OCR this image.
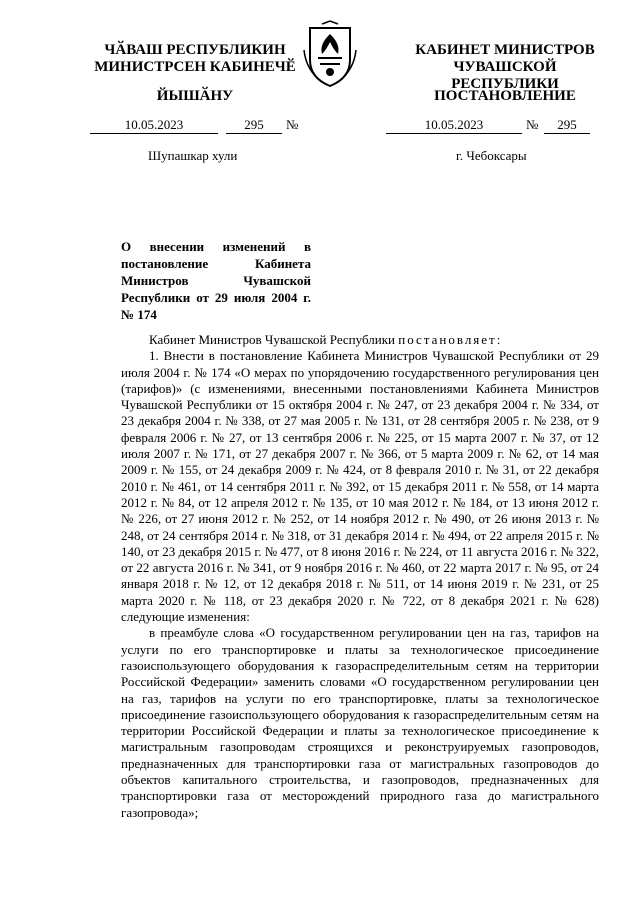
ЧӐВАШ РЕСПУБЛИКИН
МИНИСТРСЕН КАБИНЕЧӖ
ЙЫШӐНУ
КАБИНЕТ МИНИСТРОВ
ЧУВАШСКОЙ РЕСПУБЛИКИ
ПОСТАНОВЛЕНИЕ
10.05.2023	295	№	10.05.2023	№	295
Шупашкар хули	г. Чебоксары
О внесении изменений в постановление Кабинета Министров Чувашской Республики от 29 июля 2004 г. № 174

Кабинет Министров Чувашской Республики постановляет:

1. Внести в постановление Кабинета Министров Чувашской Республики от 29 июля 2004 г. № 174 «О мерах по упорядочению государственного регулирования цен (тарифов)» (с изменениями, внесенными постановлениями Кабинета Министров Чувашской Республики от 15 октября 2004 г. № 247, от 23 декабря 2004 г. № 334, от 23 декабря 2004 г. № 338, от 27 мая 2005 г. № 131, от 28 сентября 2005 г. № 238, от 9 февраля 2006 г. № 27, от 13 сентября 2006 г. № 225, от 15 марта 2007 г. № 37, от 12 июля 2007 г. № 171, от 27 декабря 2007 г. № 366, от 5 марта 2009 г. № 62, от 14 мая 2009 г. № 155, от 24 декабря 2009 г. № 424, от 8 февраля 2010 г. № 31, от 22 декабря 2010 г. № 461, от 14 сентября 2011 г. № 392, от 15 декабря 2011 г. № 558, от 14 марта 2012 г. № 84, от 12 апреля 2012 г. № 135, от 10 мая 2012 г. № 184, от 13 июня 2012 г. № 226, от 27 июня 2012 г. № 252, от 14 ноября 2012 г. № 490, от 26 июня 2013 г. № 248, от 24 сентября 2014 г. № 318, от 31 декабря 2014 г. № 494, от 22 апреля 2015 г. № 140, от 23 декабря 2015 г. № 477, от 8 июня 2016 г. № 224, от 11 августа 2016 г. № 322, от 22 августа 2016 г. № 341, от 9 ноября 2016 г. № 460, от 22 марта 2017 г. № 95, от 24 января 2018 г. № 12, от 12 декабря 2018 г. № 511, от 14 июня 2019 г. № 231, от 25 марта 2020 г. № 118, от 23 декабря 2020 г. № 722, от 8 декабря 2021 г. № 628) следующие изменения:

в преамбуле слова «О государственном регулировании цен на газ, тарифов на услуги по его транспортировке и платы за технологическое присоединение газоиспользующего оборудования к газораспределительным сетям на территории Российской Федерации» заменить словами «О государственном регулировании цен на газ, тарифов на услуги по его транспортировке, платы за технологическое присоединение газоиспользующего оборудования к газораспределительным сетям на территории Российской Федерации и платы за технологическое присоединение к магистральным газопроводам строящихся и реконструируемых газопроводов, предназначенных для транспортировки газа от магистральных газопроводов до объектов капитального строительства, и газопроводов, предназначенных для транспортировки газа от месторождений природного газа до магистрального газопровода»;
